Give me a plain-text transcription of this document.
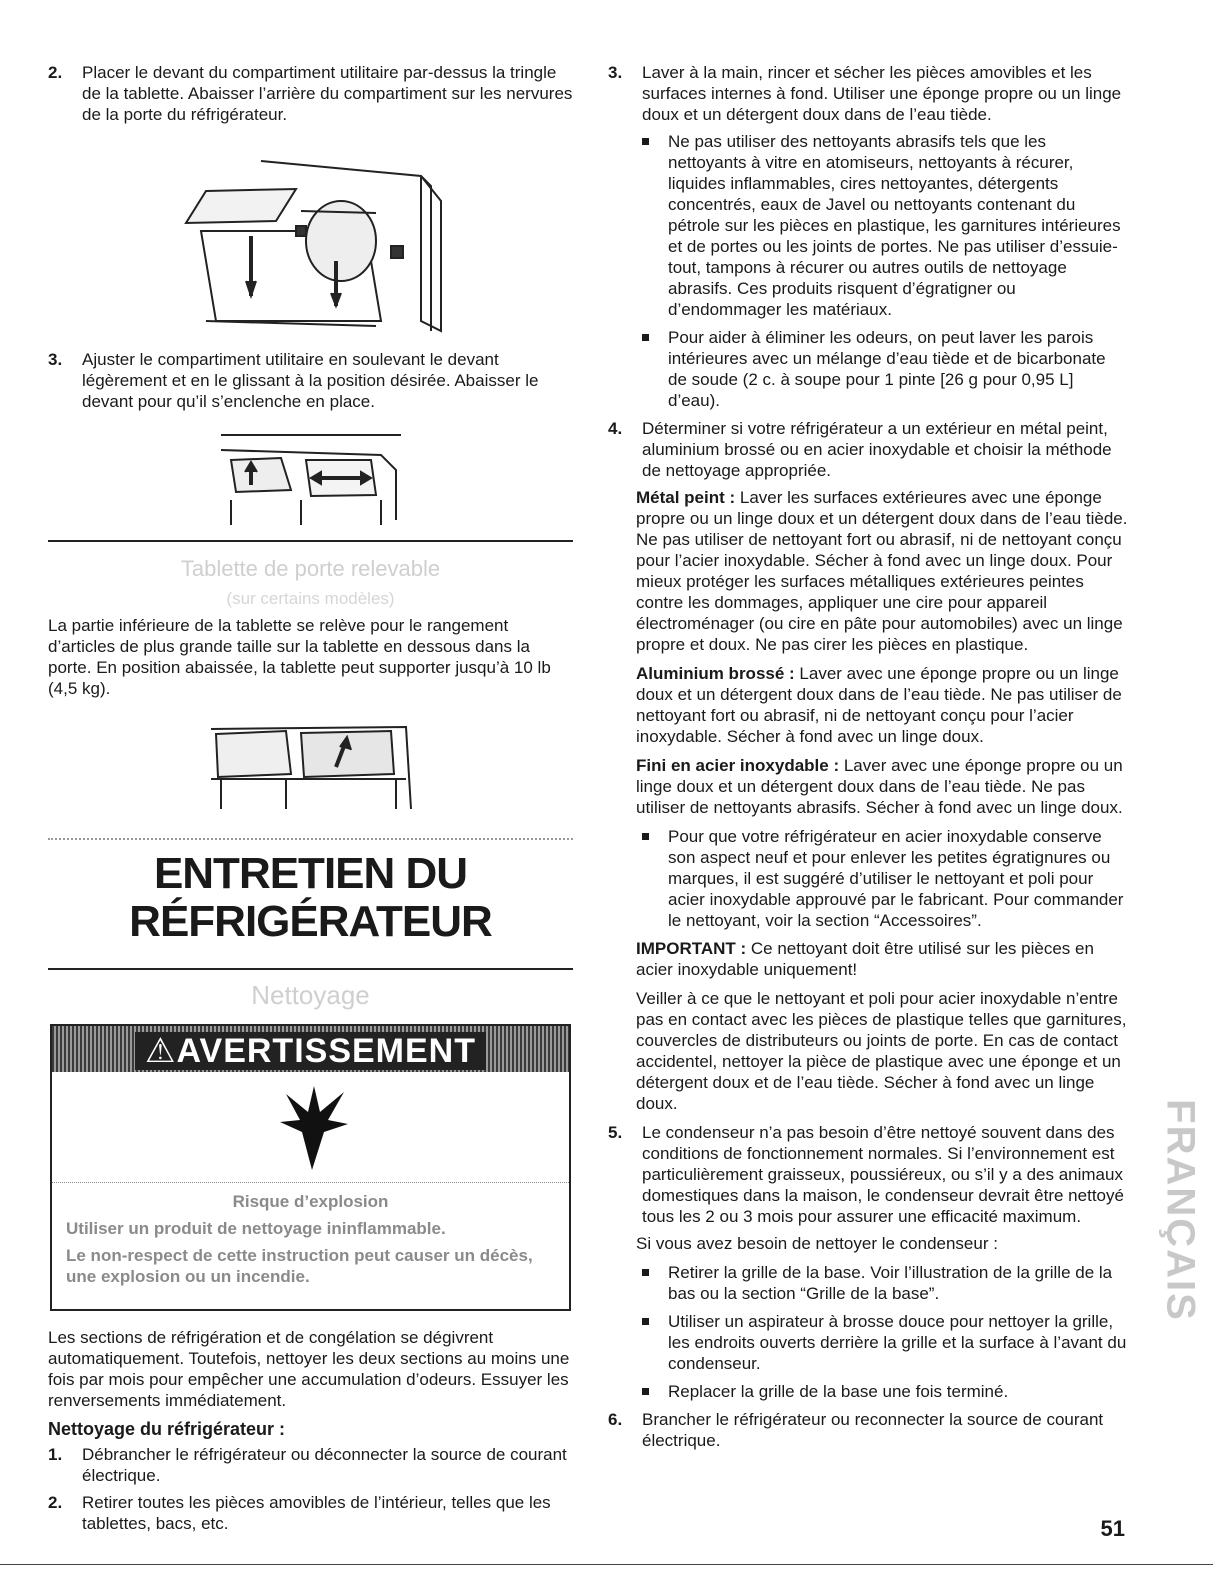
2. Placer le devant du compartiment utilitaire par-dessus la tringle de la tablette. Abaisser l’arrière du compartiment sur les nervures de la porte du réfrigérateur.

3. Ajuster le compartiment utilitaire en soulevant le devant légèrement et en le glissant à la position désirée. Abaisser le devant pour qu’il s’enclenche en place.

Tablette de porte relevable
(sur certains modèles)

La partie inférieure de la tablette se relève pour le rangement d’articles de plus grande taille sur la tablette en dessous dans la porte. En position abaissée, la tablette peut supporter jusqu’à 10 lb (4,5 kg).

ENTRETIEN DU

RÉFRIGÉRATEUR

Nettoyage
⚠AVERTISSEMENT

Risque d’explosion

Utiliser un produit de nettoyage ininflammable.

Le non-respect de cette instruction peut causer un décès, une explosion ou un incendie.

Les sections de réfrigération et de congélation se dégivrent automatiquement. Toutefois, nettoyer les deux sections au moins une fois par mois pour empêcher une accumulation d’odeurs. Essuyer les renversements immédiatement.

Nettoyage du réfrigérateur :

1. Débrancher le réfrigérateur ou déconnecter la source de courant électrique.

2. Retirer toutes les pièces amovibles de l’intérieur, telles que les tablettes, bacs, etc.

3. Laver à la main, rincer et sécher les pièces amovibles et les surfaces internes à fond. Utiliser une éponge propre ou un linge doux et un détergent doux dans de l’eau tiède.

Ne pas utiliser des nettoyants abrasifs tels que les nettoyants à vitre en atomiseurs, nettoyants à récurer, liquides inflammables, cires nettoyantes, détergents concentrés, eaux de Javel ou nettoyants contenant du pétrole sur les pièces en plastique, les garnitures intérieures et de portes ou les joints de portes. Ne pas utiliser d’essuie-tout, tampons à récurer ou autres outils de nettoyage abrasifs. Ces produits risquent d’égratigner ou d’endommager les matériaux.

Pour aider à éliminer les odeurs, on peut laver les parois intérieures avec un mélange d’eau tiède et de bicarbonate de soude (2 c. à soupe pour 1 pinte [26 g pour 0,95 L] d’eau).

4. Déterminer si votre réfrigérateur a un extérieur en métal peint, aluminium brossé ou en acier inoxydable et choisir la méthode de nettoyage appropriée.

Métal peint : Laver les surfaces extérieures avec une éponge propre ou un linge doux et un détergent doux dans de l’eau tiède. Ne pas utiliser de nettoyant fort ou abrasif, ni de nettoyant conçu pour l’acier inoxydable. Sécher à fond avec un linge doux. Pour mieux protéger les surfaces métalliques extérieures peintes contre les dommages, appliquer une cire pour appareil électroménager (ou cire en pâte pour automobiles) avec un linge propre et doux. Ne pas cirer les pièces en plastique.

Aluminium brossé : Laver avec une éponge propre ou un linge doux et un détergent doux dans de l’eau tiède. Ne pas utiliser de nettoyant fort ou abrasif, ni de nettoyant conçu pour l’acier inoxydable. Sécher à fond avec un linge doux.

Fini en acier inoxydable : Laver avec une éponge propre ou un linge doux et un détergent doux dans de l’eau tiède. Ne pas utiliser de nettoyants abrasifs. Sécher à fond avec un linge doux.

Pour que votre réfrigérateur en acier inoxydable conserve son aspect neuf et pour enlever les petites égratignures ou marques, il est suggéré d’utiliser le nettoyant et poli pour acier inoxydable approuvé par le fabricant. Pour commander le nettoyant, voir la section “Accessoires”.

IMPORTANT : Ce nettoyant doit être utilisé sur les pièces en acier inoxydable uniquement!

Veiller à ce que le nettoyant et poli pour acier inoxydable n’entre pas en contact avec les pièces de plastique telles que garnitures, couvercles de distributeurs ou joints de porte. En cas de contact accidentel, nettoyer la pièce de plastique avec une éponge et un détergent doux et de l’eau tiède. Sécher à fond avec un linge doux.

5. Le condenseur n’a pas besoin d’être nettoyé souvent dans des conditions de fonctionnement normales. Si l’environnement est particulièrement graisseux, poussiéreux, ou s’il y a des animaux domestiques dans la maison, le condenseur devrait être nettoyé tous les 2 ou 3 mois pour assurer une efficacité maximum.

Si vous avez besoin de nettoyer le condenseur :

Retirer la grille de la base. Voir l’illustration de la grille de la bas ou la section “Grille de la base”.

Utiliser un aspirateur à brosse douce pour nettoyer la grille, les endroits ouverts derrière la grille et la surface à l’avant du condenseur.

Replacer la grille de la base une fois terminé.

6. Brancher le réfrigérateur ou reconnecter la source de courant électrique.

FRANÇAIS
51
